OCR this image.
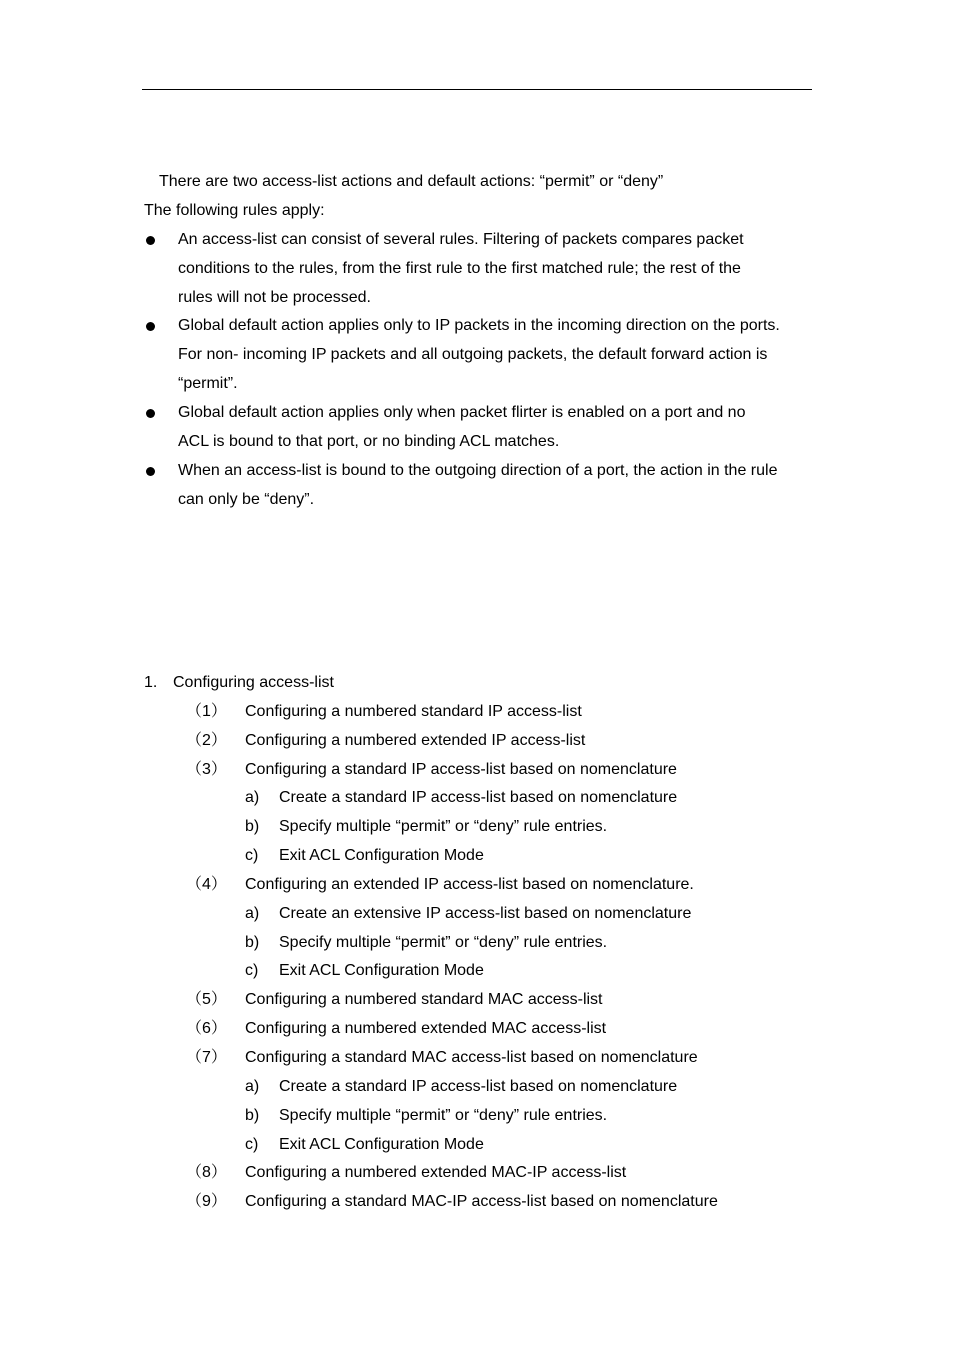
There are two access-list actions and default actions: “permit” or “deny”
The following rules apply:
An access-list can consist of several rules. Filtering of packets compares packet
conditions to the rules, from the first rule to the first matched rule; the rest of the
rules will not be processed.
Global default action applies only to IP packets in the incoming direction on the ports.
For non- incoming IP packets and all outgoing packets, the default forward action is
“permit”.
Global default action applies only when packet flirter is enabled on a port and no
ACL is bound to that port, or no binding ACL matches.
When an access-list is bound to the outgoing direction of a port, the action in the rule
can only be “deny”.
1. Configuring access-list
（1） Configuring a numbered standard IP access-list
（2） Configuring a numbered extended IP access-list
（3） Configuring a standard IP access-list based on nomenclature
a) Create a standard IP access-list based on nomenclature
b) Specify multiple “permit” or “deny” rule entries.
c) Exit ACL Configuration Mode
（4） Configuring an extended IP access-list based on nomenclature.
a) Create an extensive IP access-list based on nomenclature
b) Specify multiple “permit” or “deny” rule entries.
c) Exit ACL Configuration Mode
（5） Configuring a numbered standard MAC access-list
（6） Configuring a numbered extended MAC access-list
（7） Configuring a standard MAC access-list based on nomenclature
a) Create a standard IP access-list based on nomenclature
b) Specify multiple “permit” or “deny” rule entries.
c) Exit ACL Configuration Mode
（8） Configuring a numbered extended MAC-IP access-list
（9） Configuring a standard MAC-IP access-list based on nomenclature
